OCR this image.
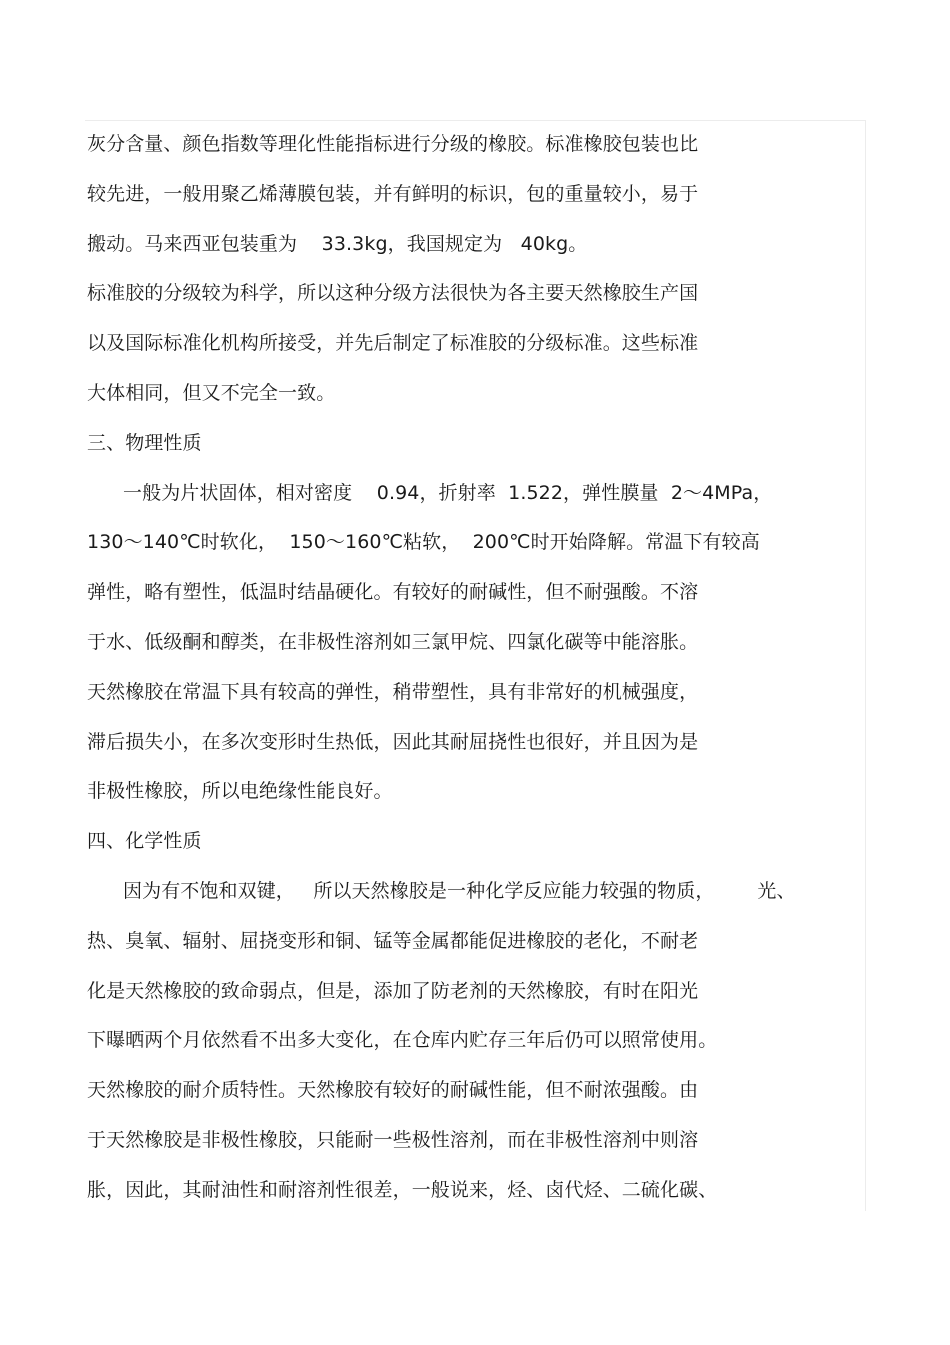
灰分含量、颜色指数等理化性能指标进行分级的橡胶。标准橡胶包装也比
较先进，一般用聚乙烯薄膜包装，并有鲜明的标识，包的重量较小，易于
搬动。马来西亚包装重为    33.3kg，我国规定为   40kg。
标准胶的分级较为科学，所以这种分级方法很快为各主要天然橡胶生产国
以及国际标准化机构所接受，并先后制定了标准胶的分级标准。这些标准
大体相同，但又不完全一致。
三、物理性质
一般为片状固体，相对密度    0.94，折射率  1.522，弹性膜量  2～4MPa，
130～140℃时软化，  150～160℃粘软，  200℃时开始降解。常温下有较高
弹性，略有塑性，低温时结晶硬化。有较好的耐碱性，但不耐强酸。不溶
于水、低级酮和醇类，在非极性溶剂如三氯甲烷、四氯化碳等中能溶胀。
天然橡胶在常温下具有较高的弹性，稍带塑性，具有非常好的机械强度，
滞后损失小，在多次变形时生热低，因此其耐屈挠性也很好，并且因为是
非极性橡胶，所以电绝缘性能良好。
四、化学性质
因为有不饱和双键，   所以天然橡胶是一种化学反应能力较强的物质，       光、
热、臭氧、辐射、屈挠变形和铜、锰等金属都能促进橡胶的老化，不耐老
化是天然橡胶的致命弱点，但是，添加了防老剂的天然橡胶，有时在阳光
下曝晒两个月依然看不出多大变化，在仓库内贮存三年后仍可以照常使用。
天然橡胶的耐介质特性。天然橡胶有较好的耐碱性能，但不耐浓强酸。由
于天然橡胶是非极性橡胶，只能耐一些极性溶剂，而在非极性溶剂中则溶
胀，因此，其耐油性和耐溶剂性很差，一般说来，烃、卤代烃、二硫化碳、
